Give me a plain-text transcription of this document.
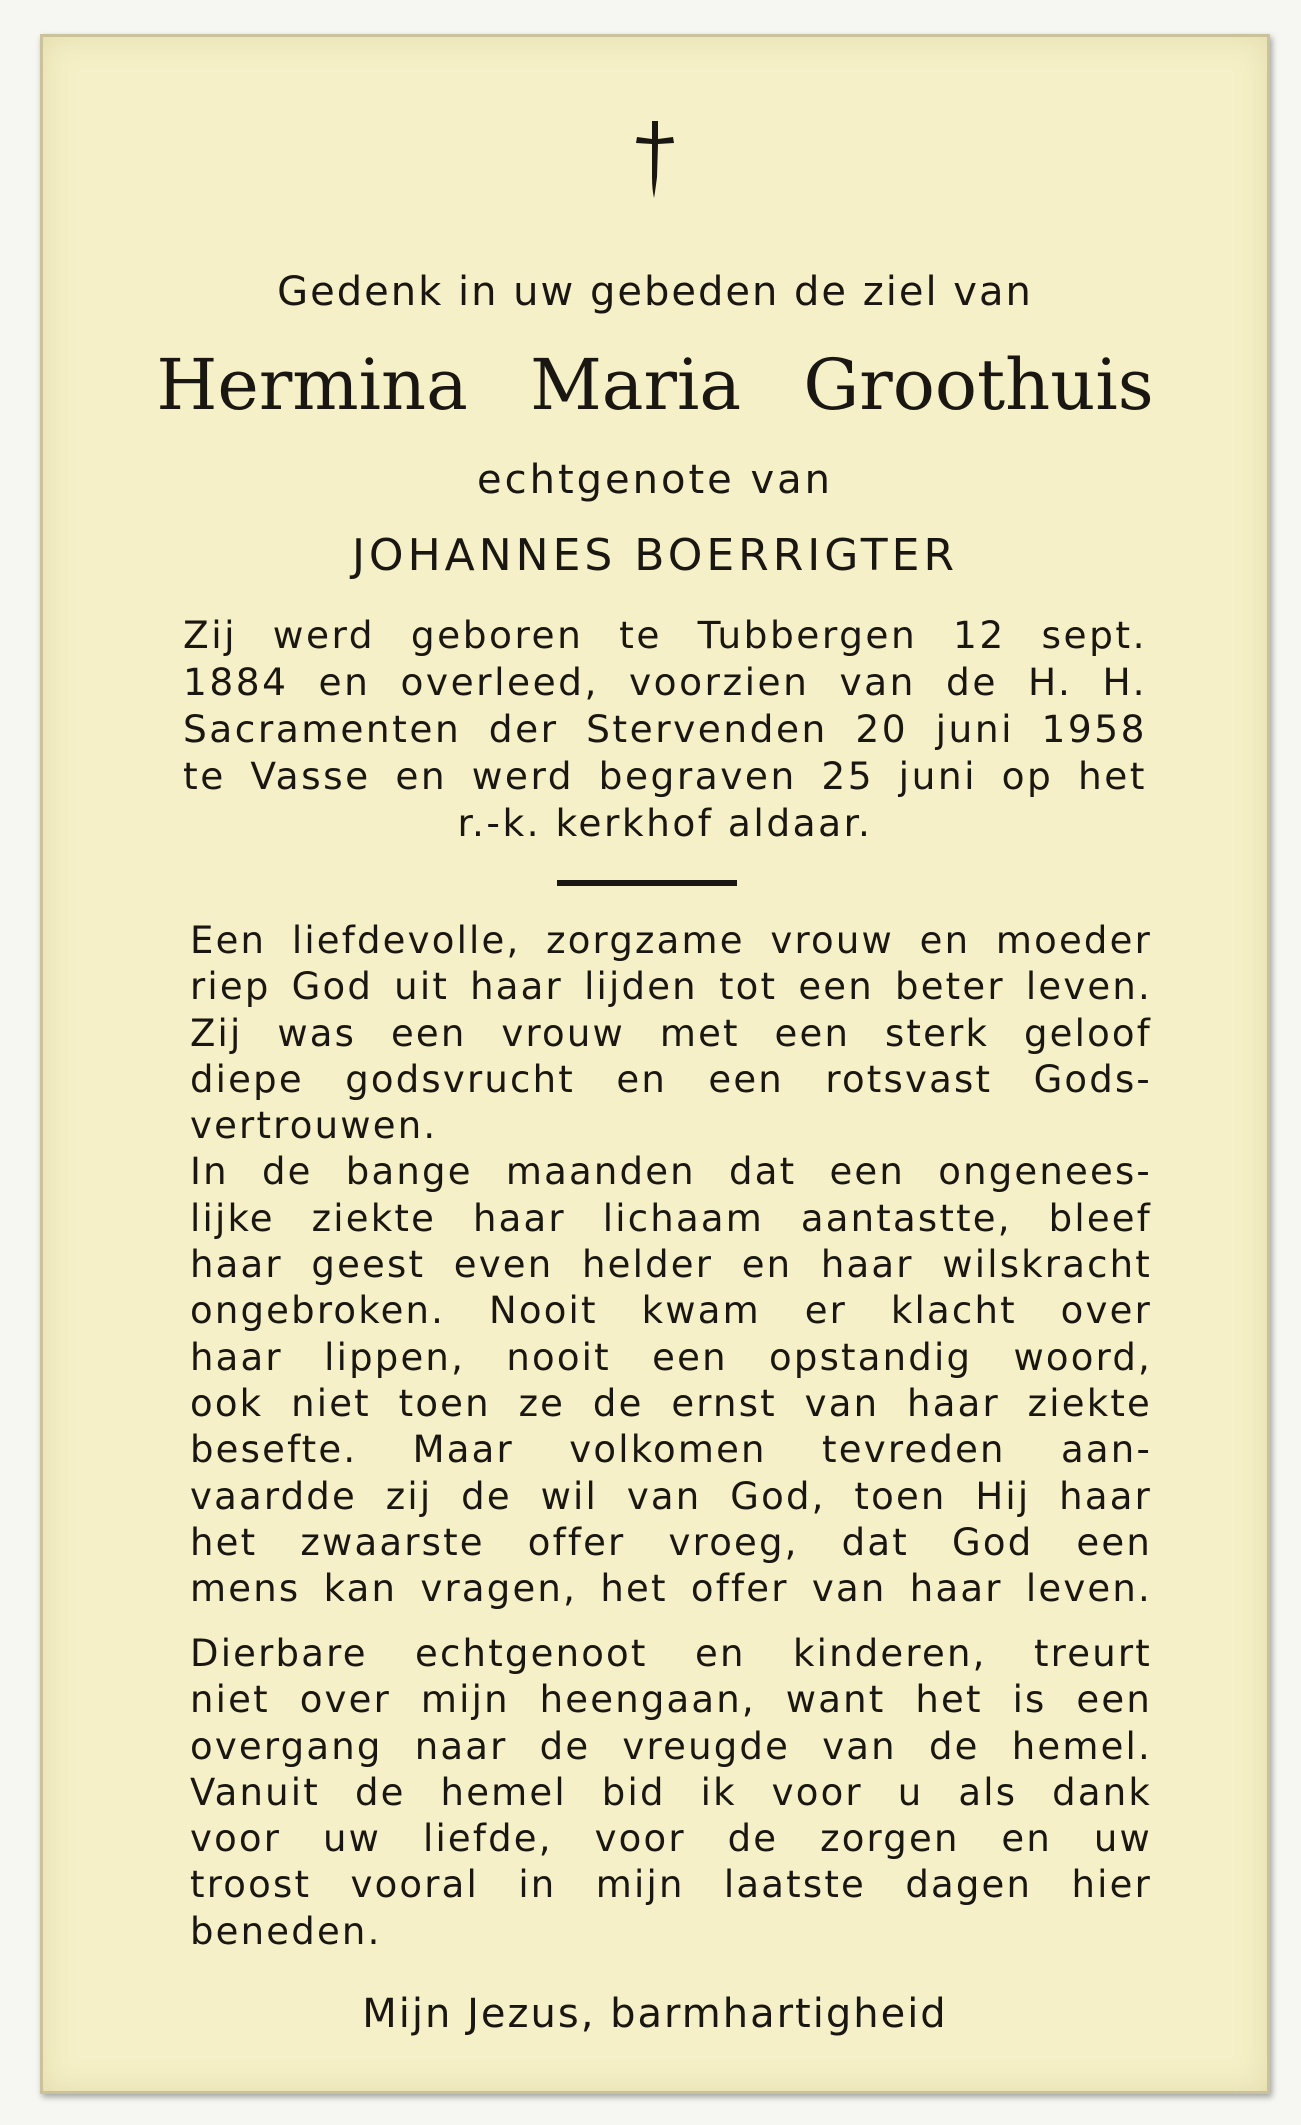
Gedenk in uw gebeden de ziel van
Hermina Maria Groothuis
echtgenote van
JOHANNES BOERRIGTER
Zij werd geboren te Tubbergen 12 sept.
1884 en overleed, voorzien van de H. H.
Sacramenten der Stervenden 20 juni 1958
te Vasse en werd begraven 25 juni op het
r.-k. kerkhof aldaar.
Een liefdevolle, zorgzame vrouw en moeder
riep God uit haar lijden tot een beter leven.
Zij was een vrouw met een sterk geloof
diepe godsvrucht en een rotsvast Gods-
vertrouwen.
In de bange maanden dat een ongenees-
lijke ziekte haar lichaam aantastte, bleef
haar geest even helder en haar wilskracht
ongebroken. Nooit kwam er klacht over
haar lippen, nooit een opstandig woord,
ook niet toen ze de ernst van haar ziekte
besefte. Maar volkomen tevreden aan-
vaardde zij de wil van God, toen Hij haar
het zwaarste offer vroeg, dat God een
mens kan vragen, het offer van haar leven.
Dierbare echtgenoot en kinderen, treurt
niet over mijn heengaan, want het is een
overgang naar de vreugde van de hemel.
Vanuit de hemel bid ik voor u als dank
voor uw liefde, voor de zorgen en uw
troost vooral in mijn laatste dagen hier
beneden.
Mijn Jezus, barmhartigheid
